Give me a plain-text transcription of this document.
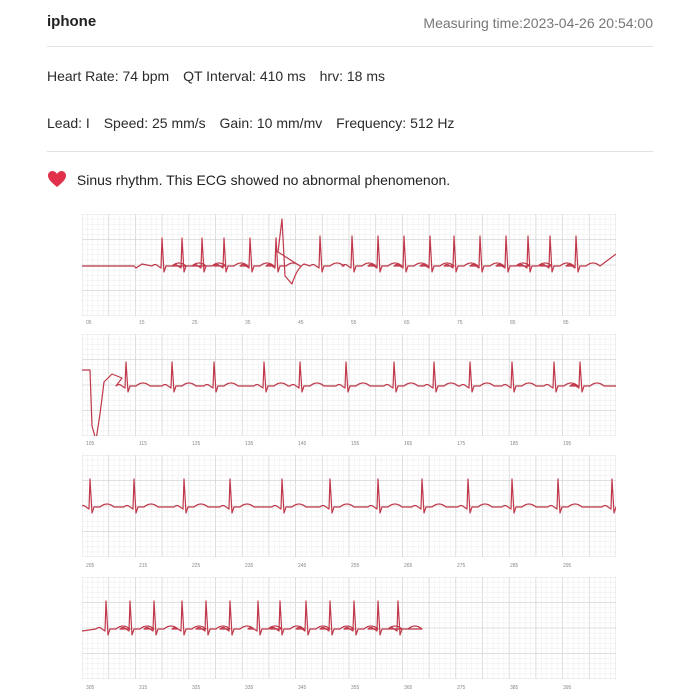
iphone	Measuring time:2023-04-26 20:54:00
Heart Rate: 74 bpm QT Interval: 410 ms hrv: 18 ms
Lead: I Speed: 25 mm/s Gain: 10 mm/mv Frequency: 512 Hz
Sinus rhythm. This ECG showed no abnormal phenomenon.
05	15	25	35	45	55	65	75	85	95
105	115	125	135	145	155	165	175	185	195
205	215	225	235	245	255	265	275	285	295
305	315	325	335	345	355	365	375	385	395
